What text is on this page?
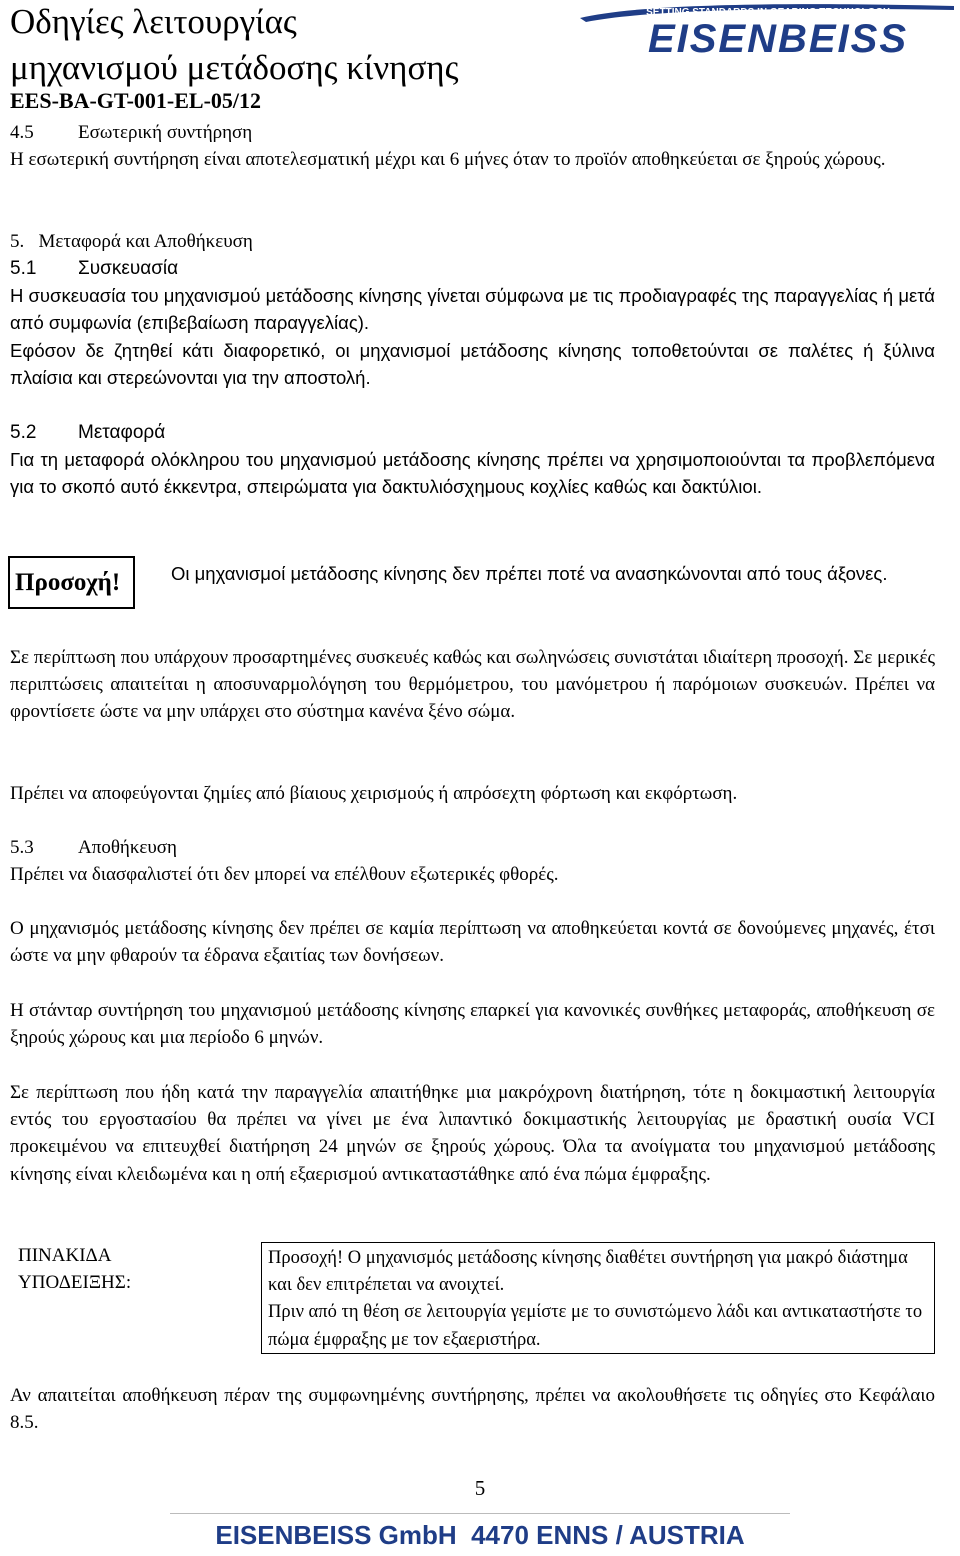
Οδηγίες λειτουργίας
μηχανισμού μετάδοσης κίνησης
EES-BA-GT-001-EL-05/12
SETTING STANDARDS IN GEARING TECHNOLOGY
EISENBEISS
4.5 Εσωτερική συντήρηση
Η εσωτερική συντήρηση είναι αποτελεσματική μέχρι και 6 μήνες όταν το προϊόν αποθηκεύεται σε ξηρούς χώρους.
5.   Μεταφορά και Αποθήκευση
5.1 Συσκευασία
Η συσκευασία του μηχανισμού μετάδοσης κίνησης γίνεται σύμφωνα με τις προδιαγραφές της παραγγελίας ή μετά από συμφωνία (επιβεβαίωση παραγγελίας).
Εφόσον δε ζητηθεί κάτι διαφορετικό, οι μηχανισμοί μετάδοσης κίνησης τοποθετούνται σε παλέτες ή ξύλινα πλαίσια και στερεώνονται για την αποστολή.
5.2 Μεταφορά
Για τη μεταφορά ολόκληρου του μηχανισμού μετάδοσης κίνησης πρέπει να χρησιμοποιούνται τα προβλεπόμενα για το σκοπό αυτό έκκεντρα, σπειρώματα για δακτυλιόσχημους κοχλίες καθώς και δακτύλιοι.
Προσοχή!	Οι μηχανισμοί μετάδοσης κίνησης δεν πρέπει ποτέ να ανασηκώνονται από τους άξονες.
Σε περίπτωση που υπάρχουν προσαρτημένες συσκευές καθώς και σωληνώσεις συνιστάται ιδιαίτερη προσοχή. Σε μερικές περιπτώσεις απαιτείται η αποσυναρμολόγηση του θερμόμετρου, του μανόμετρου ή παρόμοιων συσκευών. Πρέπει να φροντίσετε ώστε να μην υπάρχει στο σύστημα κανένα ξένο σώμα.
Πρέπει να αποφεύγονται ζημίες από βίαιους χειρισμούς ή απρόσεχτη φόρτωση και εκφόρτωση.
5.3 Αποθήκευση
Πρέπει να διασφαλιστεί ότι δεν μπορεί να επέλθουν εξωτερικές φθορές.
Ο μηχανισμός μετάδοσης κίνησης δεν πρέπει σε καμία περίπτωση να αποθηκεύεται κοντά σε δονούμενες μηχανές, έτσι ώστε να μην φθαρούν τα έδρανα εξαιτίας των δονήσεων.
Η στάνταρ συντήρηση του μηχανισμού μετάδοσης κίνησης επαρκεί για κανονικές συνθήκες μεταφοράς, αποθήκευση σε ξηρούς χώρους και μια περίοδο 6 μηνών.
Σε περίπτωση που ήδη κατά την παραγγελία απαιτήθηκε μια μακρόχρονη διατήρηση, τότε η δοκιμαστική λειτουργία εντός του εργοστασίου θα πρέπει να γίνει με ένα λιπαντικό δοκιμαστικής λειτουργίας με δραστική ουσία VCI προκειμένου να επιτευχθεί διατήρηση 24 μηνών σε ξηρούς χώρους. Όλα τα ανοίγματα του μηχανισμού μετάδοσης κίνησης είναι κλειδωμένα και η οπή εξαερισμού αντικαταστάθηκε από ένα πώμα έμφραξης.
ΠΙΝΑΚΙΔΑ
ΥΠΟΔΕΙΞΗΣ:
Προσοχή! Ο μηχανισμός μετάδοσης κίνησης διαθέτει συντήρηση για μακρό διάστημα και δεν επιτρέπεται να ανοιχτεί.
Πριν από τη θέση σε λειτουργία γεμίστε με το συνιστώμενο λάδι και αντικαταστήστε το πώμα έμφραξης με τον εξαεριστήρα.
Αν απαιτείται αποθήκευση πέραν της συμφωνημένης συντήρησης, πρέπει να ακολουθήσετε τις οδηγίες στο Κεφάλαιο 8.5.
5
EISENBEISS GmbH  4470 ENNS / AUSTRIA
